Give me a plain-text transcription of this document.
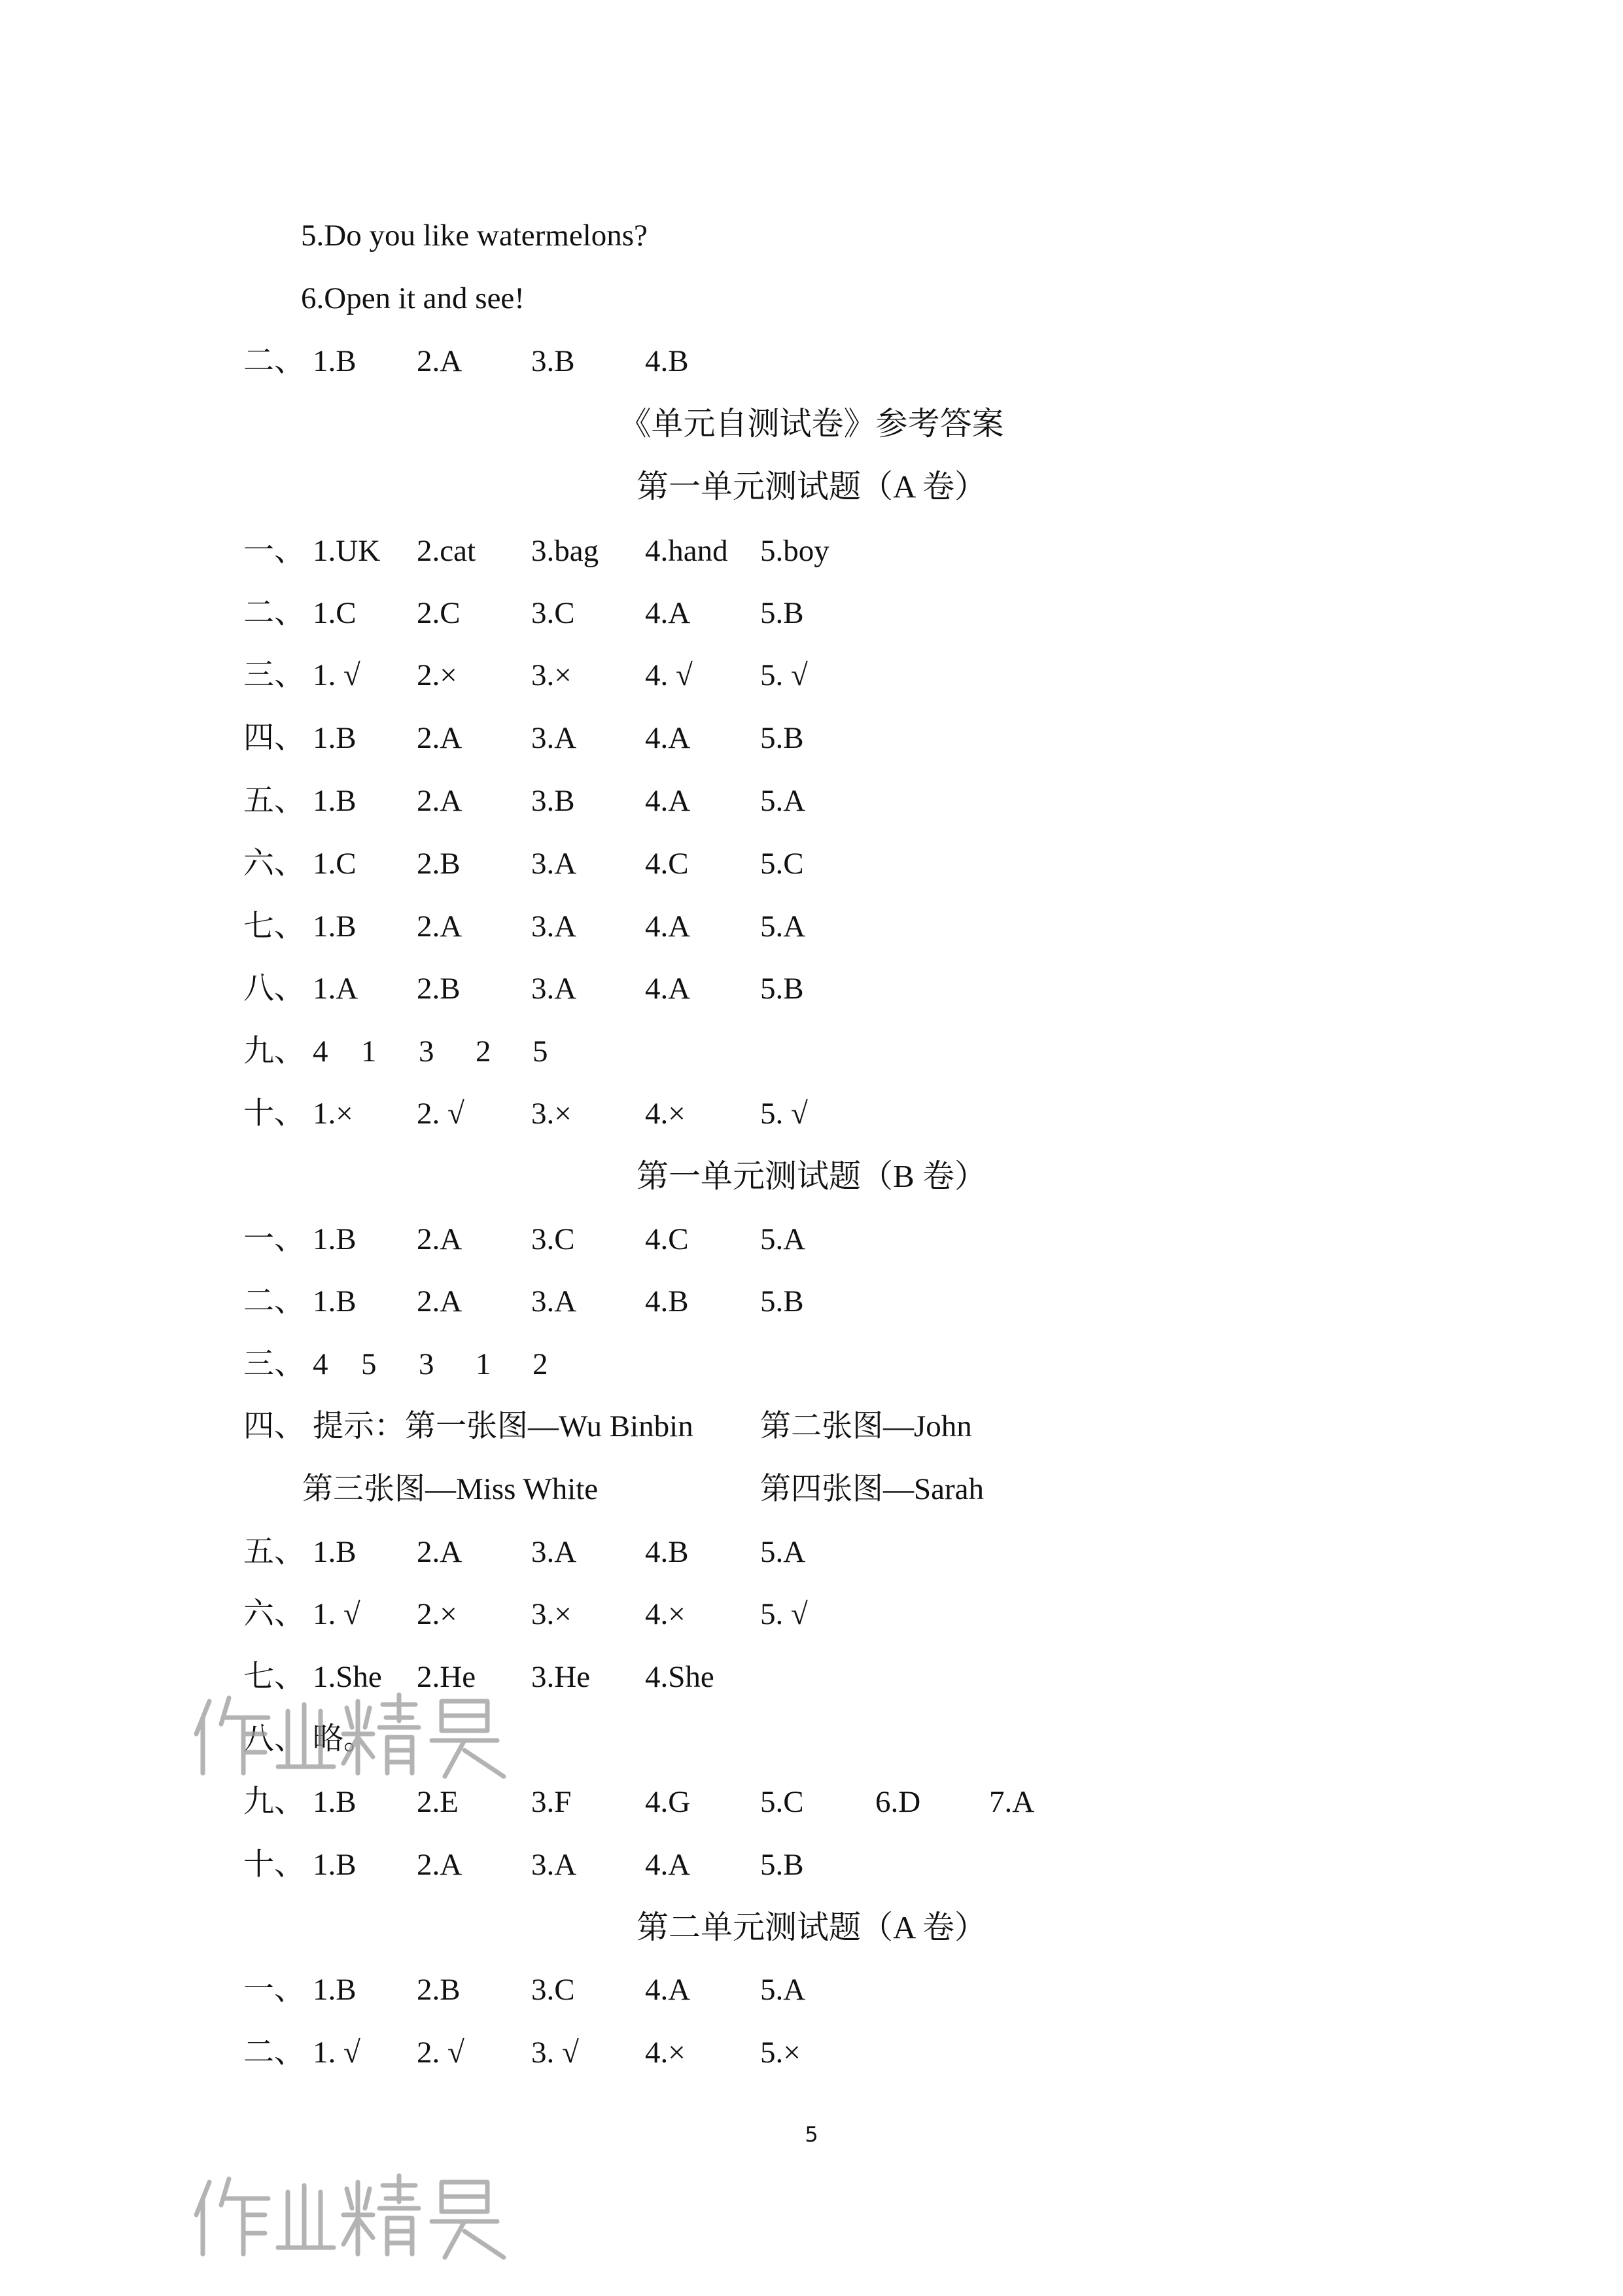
5.Do you like watermelons?
6.Open it and see!
二、 1.B 2.A 3.B 4.B
《单元自测试卷》参考答案
第一单元测试题（A 卷）
一、 1.UK 2.cat 3.bag 4.hand 5.boy
二、 1.C 2.C 3.C 4.A 5.B
三、 1. √ 2.× 3.× 4. √ 5. √
四、 1.B 2.A 3.A 4.A 5.B
五、 1.B 2.A 3.B 4.A 5.A
六、 1.C 2.B 3.A 4.C 5.C
七、 1.B 2.A 3.A 4.A 5.A
八、 1.A 2.B 3.A 4.A 5.B
九、 4 1 3 2 5
十、 1.× 2. √ 3.× 4.× 5. √
第一单元测试题（B 卷）
一、 1.B 2.A 3.C 4.C 5.A
二、 1.B 2.A 3.A 4.B 5.B
三、 4 5 3 1 2
四、 提示：第一张图—Wu Binbin 第二张图—John
第三张图—Miss White	第四张图—Sarah
五、 1.B 2.A 3.A 4.B 5.A
六、 1. √ 2.× 3.× 4.× 5. √
七、 1.She 2.He 3.He 4.She
八、 略。
九、 1.B 2.E 3.F 4.G 5.C 6.D 7.A
十、 1.B 2.A 3.A 4.A 5.B
第二单元测试题（A 卷）
一、 1.B 2.B 3.C 4.A 5.A
二、 1. √ 2. √ 3. √ 4.× 5.×
5
